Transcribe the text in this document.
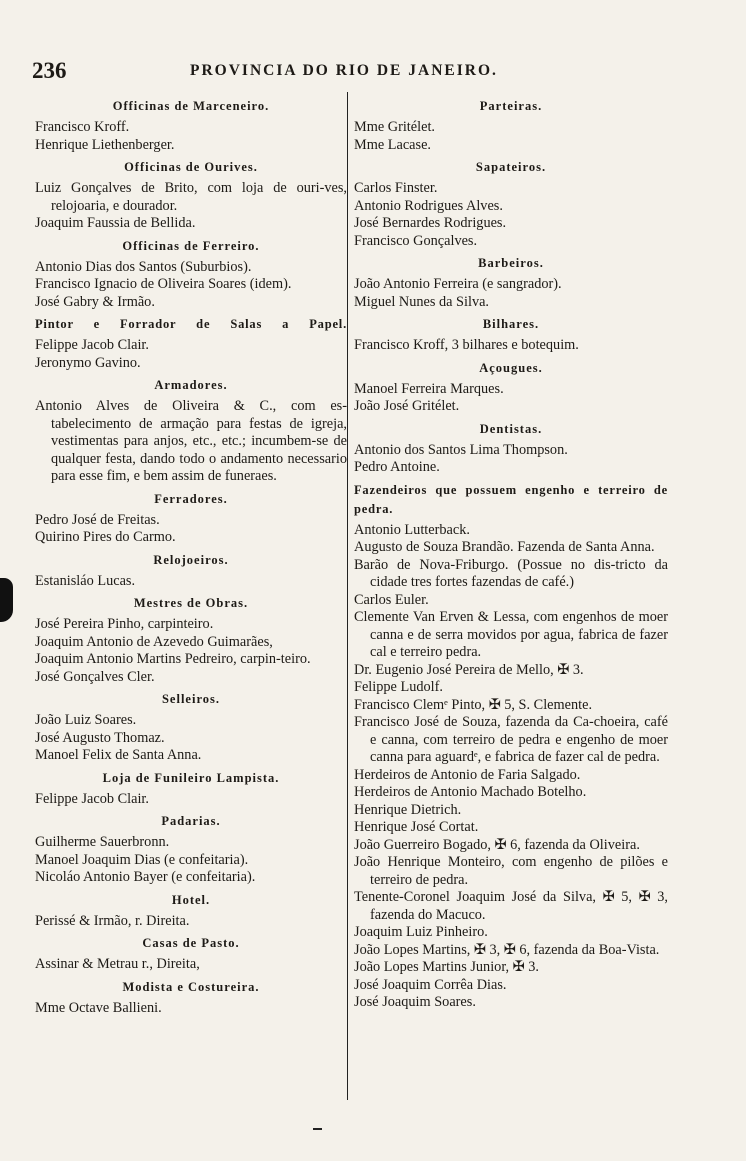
236	PROVINCIA DO RIO DE JANEIRO.
Officinas de Marceneiro.
Francisco Kroff.
Henrique Liethenberger.
Officinas de Ourives.
Luiz Gonçalves de Brito, com loja de ouri-ves, relojoaria, e dourador.
Joaquim Faussia de Bellida.
Officinas de Ferreiro.
Antonio Dias dos Santos (Suburbios).
Francisco Ignacio de Oliveira Soares (idem).
José Gabry & Irmão.
Pintor e Forrador de Salas a Papel.
Felippe Jacob Clair.
Jeronymo Gavino.
Armadores.
Antonio Alves de Oliveira & C., com es-tabelecimento de armação para festas de igreja, vestimentas para anjos, etc., etc.; incumbem-se de qualquer festa, dando todo o andamento necessario para esse fim, e bem assim de funeraes.
Ferradores.
Pedro José de Freitas.
Quirino Pires do Carmo.
Relojoeiros.
Estanisláo Lucas.
Mestres de Obras.
José Pereira Pinho, carpinteiro.
Joaquim Antonio de Azevedo Guimarães,
Joaquim Antonio Martins Pedreiro, carpin-teiro.
José Gonçalves Cler.
Selleiros.
João Luiz Soares.
José Augusto Thomaz.
Manoel Felix de Santa Anna.
Loja de Funileiro Lampista.
Felippe Jacob Clair.
Padarias.
Guilherme Sauerbronn.
Manoel Joaquim Dias (e confeitaria).
Nicoláo Antonio Bayer (e confeitaria).
Hotel.
Perissé & Irmão, r. Direita.
Casas de Pasto.
Assinar & Metrau r., Direita,
Modista e Costureira.
Mme Octave Ballieni.
Parteiras.
Mme Gritélet.
Mme Lacase.
Sapateiros.
Carlos Finster.
Antonio Rodrigues Alves.
José Bernardes Rodrigues.
Francisco Gonçalves.
Barbeiros.
João Antonio Ferreira (e sangrador).
Miguel Nunes da Silva.
Bilhares.
Francisco Kroff, 3 bilhares e botequim.
Açougues.
Manoel Ferreira Marques.
João José Gritélet.
Dentistas.
Antonio dos Santos Lima Thompson.
Pedro Antoine.
Fazendeiros que possuem engenho e terreiro de pedra.
Antonio Lutterback.
Augusto de Souza Brandão. Fazenda de Santa Anna.
Barão de Nova-Friburgo. (Possue no dis-tricto da cidade tres fortes fazendas de café.)
Carlos Euler.
Clemente Van Erven & Lessa, com engenhos de moer canna e de serra movidos por agua, fabrica de fazer cal e terreiro pedra.
Dr. Eugenio José Pereira de Mello, ✠ 3.
Felippe Ludolf.
Francisco Clemᵉ Pinto, ✠ 5, S. Clemente.
Francisco José de Souza, fazenda da Ca-choeira, café e canna, com terreiro de pedra e engenho de moer canna para aguardᵉ, e fabrica de fazer cal de pedra.
Herdeiros de Antonio de Faria Salgado.
Herdeiros de Antonio Machado Botelho.
Henrique Dietrich.
Henrique José Cortat.
João Guerreiro Bogado, ✠ 6, fazenda da Oliveira.
João Henrique Monteiro, com engenho de pilões e terreiro de pedra.
Tenente-Coronel Joaquim José da Silva, ✠ 5, ✠ 3, fazenda do Macuco.
Joaquim Luiz Pinheiro.
João Lopes Martins, ✠ 3, ✠ 6, fazenda da Boa-Vista.
João Lopes Martins Junior, ✠ 3.
José Joaquim Corrêa Dias.
José Joaquim Soares.
